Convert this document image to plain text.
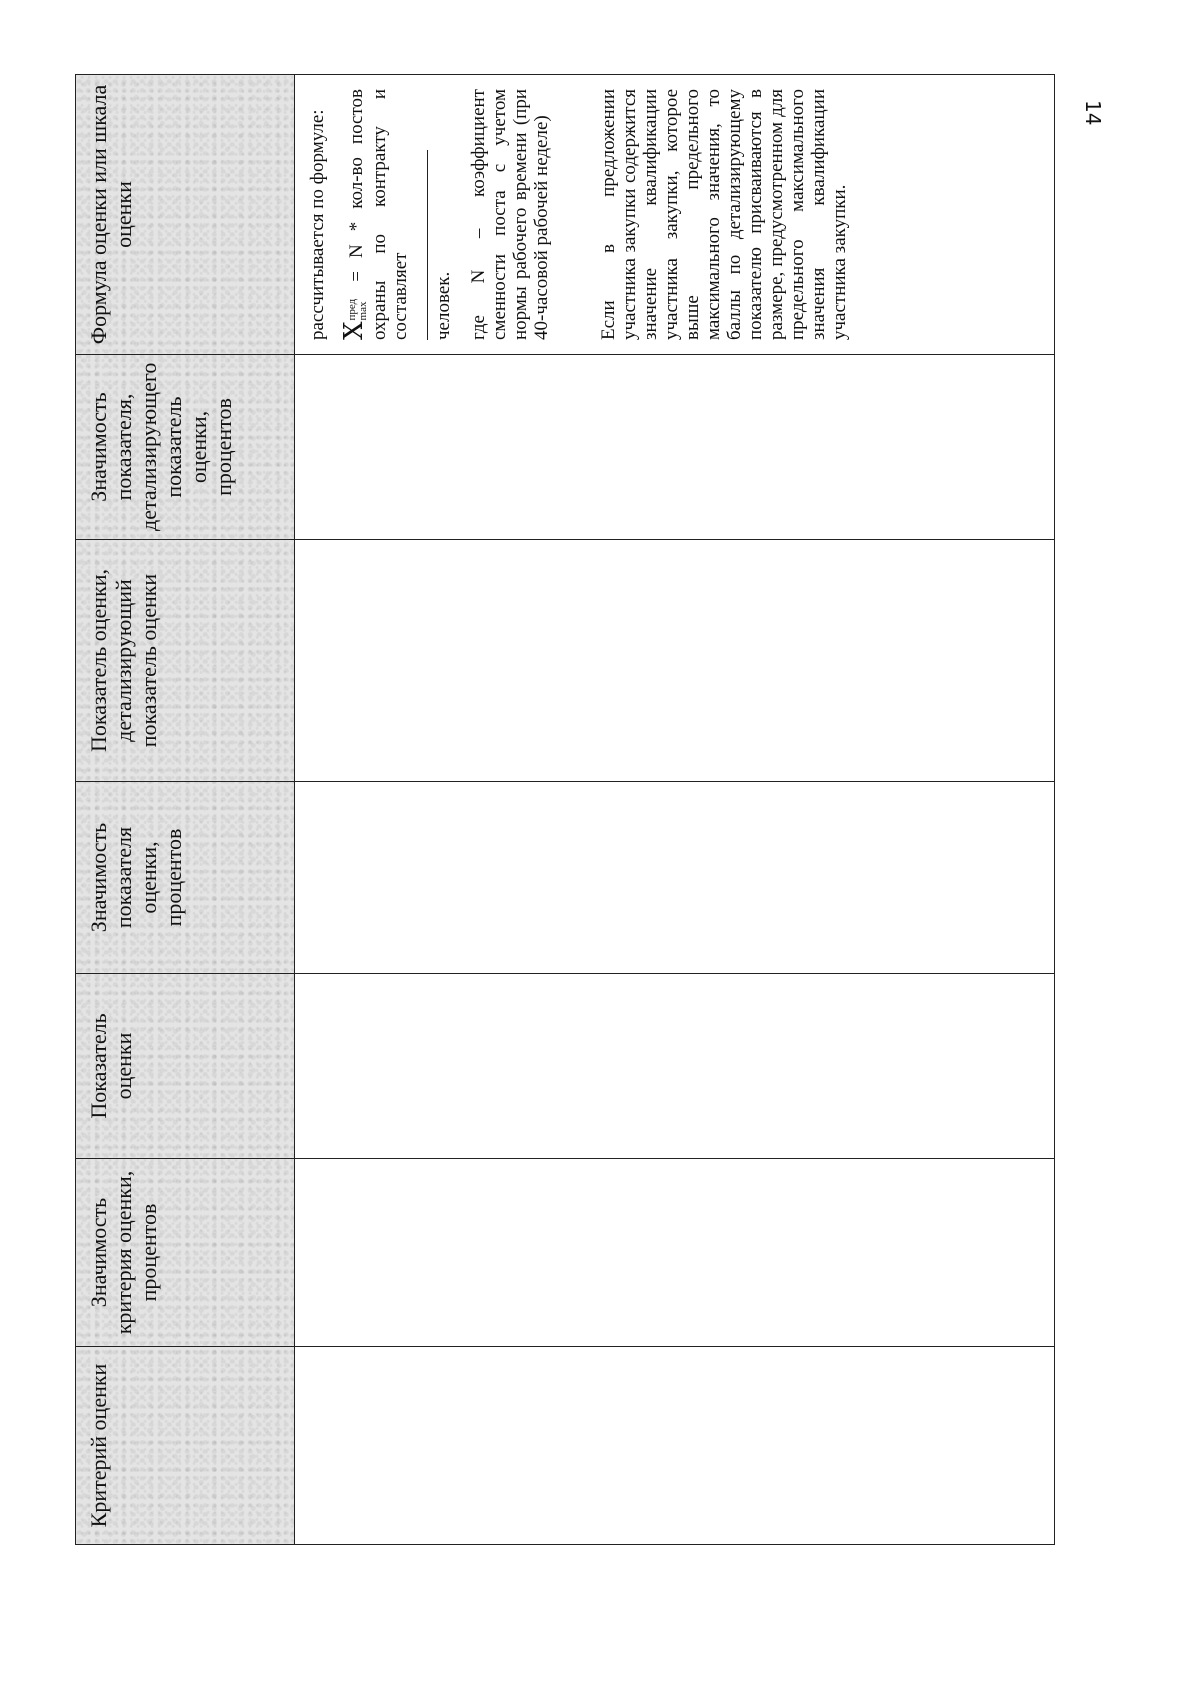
Критерий оценки	Значимость критерия оценки, процентов	Показатель оценки	Значимость показателя оценки, процентов	Показатель оценки, детализирующий показатель оценки	Значимость показателя, детализирующего показатель оценки, процентов	Формула оценки или шкала оценки

						рассчитывается по формуле: Xпред
max = N * кол-во постов охраны по контракту и составляет человек. где N – коэффициент сменности поста с учетом нормы рабочего времени (при 40-часовой рабочей неделе) Если в предложении участника закупки содержится значение квалификации участника закупки, которое выше предельного максимального значения, то баллы по детализирующему показателю присваиваются в размере, предусмотренном для предельного максимального значения квалификации участника закупки.

14
